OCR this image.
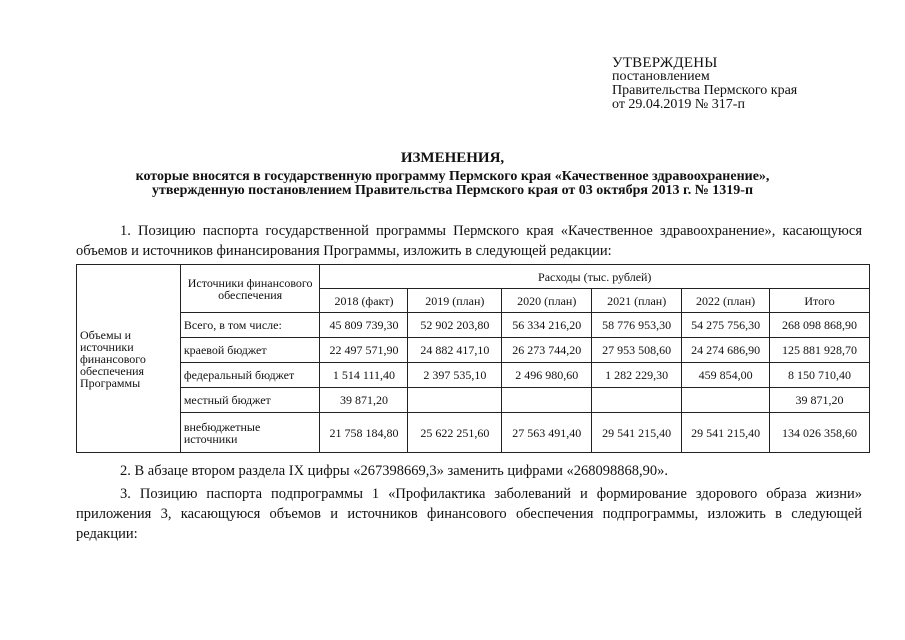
УТВЕРЖДЕНЫ
постановлением
Правительства Пермского края
от 29.04.2019 № 317-п
ИЗМЕНЕНИЯ,
которые вносятся в государственную программу Пермского края «Качественное здравоохранение»,
утвержденную постановлением Правительства Пермского края от 03 октября 2013 г. № 1319-п
1. Позицию паспорта государственной программы Пермского края «Качественное здравоохранение», касающуюся объемов и источников финансирования Программы, изложить в следующей редакции:
Объемы и источники финансового обеспечения Программы	Источники финансового обеспечения	Расходы (тыс. рублей)					
		2018 (факт)	2019 (план)	2020 (план)	2021 (план)	2022 (план)	Итого
	Всего, в том числе:	45 809 739,30	52 902 203,80	56 334 216,20	58 776 953,30	54 275 756,30	268 098 868,90
	краевой бюджет	22 497 571,90	24 882 417,10	26 273 744,20	27 953 508,60	24 274 686,90	125 881 928,70
	федеральный бюджет	1 514 111,40	2 397 535,10	2 496 980,60	1 282 229,30	459 854,00	8 150 710,40
	местный бюджет	39 871,20					39 871,20
	внебюджетные источники	21 758 184,80	25 622 251,60	27 563 491,40	29 541 215,40	29 541 215,40	134 026 358,60
2. В абзаце втором раздела IX цифры «267398669,3» заменить цифрами «268098868,90».
3. Позицию паспорта подпрограммы 1 «Профилактика заболеваний и формирование здорового образа жизни» приложения 3, касающуюся объемов и источников финансового обеспечения подпрограммы, изложить в следующей редакции:
